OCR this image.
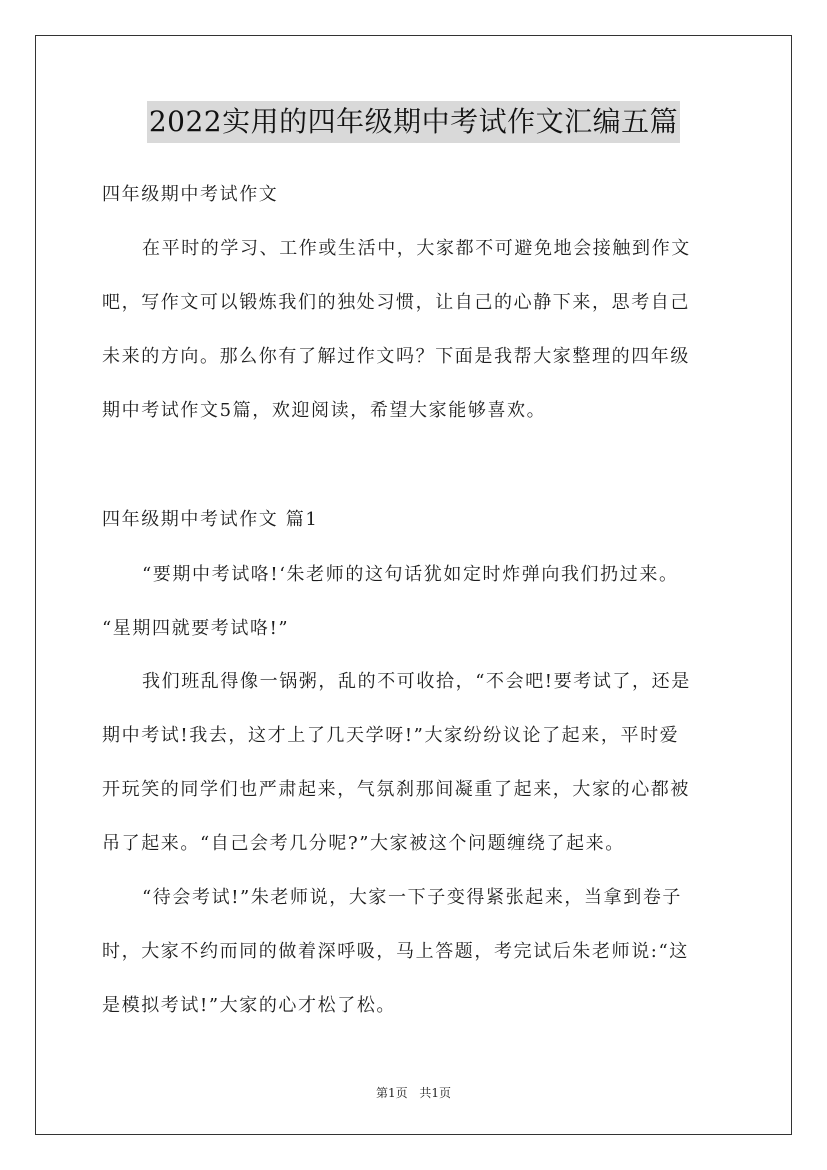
2022实用的四年级期中考试作文汇编五篇
四年级期中考试作文
在平时的学习、工作或生活中，大家都不可避免地会接触到作文
吧，写作文可以锻炼我们的独处习惯，让自己的心静下来，思考自己
未来的方向。那么你有了解过作文吗？下面是我帮大家整理的四年级
期中考试作文5篇，欢迎阅读，希望大家能够喜欢。
四年级期中考试作文 篇1
“要期中考试咯!‘朱老师的这句话犹如定时炸弹向我们扔过来。
“星期四就要考试咯!”
我们班乱得像一锅粥，乱的不可收拾，“不会吧!要考试了，还是
期中考试!我去，这才上了几天学呀!”大家纷纷议论了起来，平时爱
开玩笑的同学们也严肃起来，气氛刹那间凝重了起来，大家的心都被
吊了起来。“自己会考几分呢?”大家被这个问题缠绕了起来。
“待会考试!”朱老师说，大家一下子变得紧张起来，当拿到卷子
时，大家不约而同的做着深呼吸，马上答题，考完试后朱老师说:“这
是模拟考试!”大家的心才松了松。
第1页 共1页
